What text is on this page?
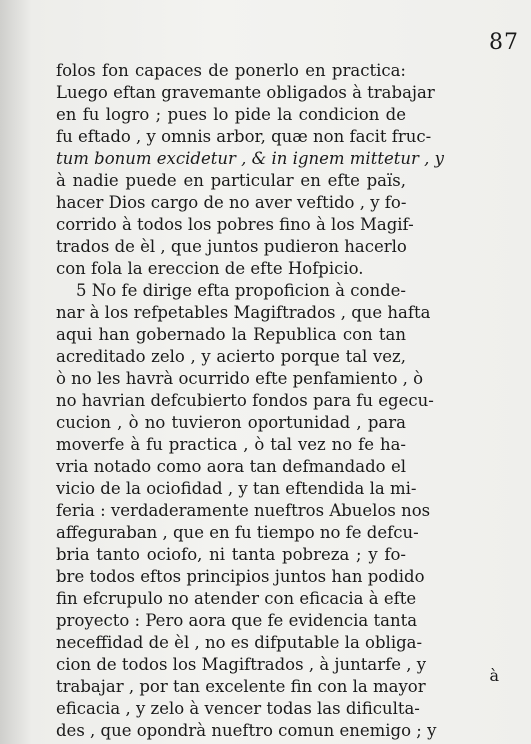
87
folos fon capaces de ponerlo en practica:
Luego eftan gravemante obligados à trabajar
en fu logro ; pues lo pide la condicion de
fu eftado , y omnis arbor, quæ non facit fruc-
tum bonum excidetur , & in ignem mittetur , y
à nadie puede en particular en efte païs,
hacer Dios cargo de no aver veftido , y fo-
corrido à todos los pobres fino à los Magif-
trados de èl , que juntos pudieron hacerlo
con fola la ereccion de efte Hofpicio.
5 No fe dirige efta propoficion à conde-
nar à los refpetables Magiftrados , que hafta
aqui han gobernado la Republica con tan
acreditado zelo , y acierto porque tal vez,
ò no les havrà ocurrido efte penfamiento , ò
no havrian defcubierto fondos para fu egecu-
cucion , ò no tuvieron oportunidad , para
moverfe à fu practica , ò tal vez no fe ha-
vria notado como aora tan defmandado el
vicio de la ociofidad , y tan eftendida la mi-
feria : verdaderamente nueftros Abuelos nos
affeguraban , que en fu tiempo no fe defcu-
bria tanto ociofo, ni tanta pobreza ; y fo-
bre todos eftos principios juntos han podido
fin efcrupulo no atender con eficacia à efte
proyecto : Pero aora que fe evidencia tanta
neceffidad de èl , no es difputable la obliga-
cion de todos los Magiftrados , à juntarfe , y
trabajar , por tan excelente fin con la mayor
eficacia , y zelo à vencer todas las dificulta-
des , que opondrà nueftro comun enemigo ; y
à
